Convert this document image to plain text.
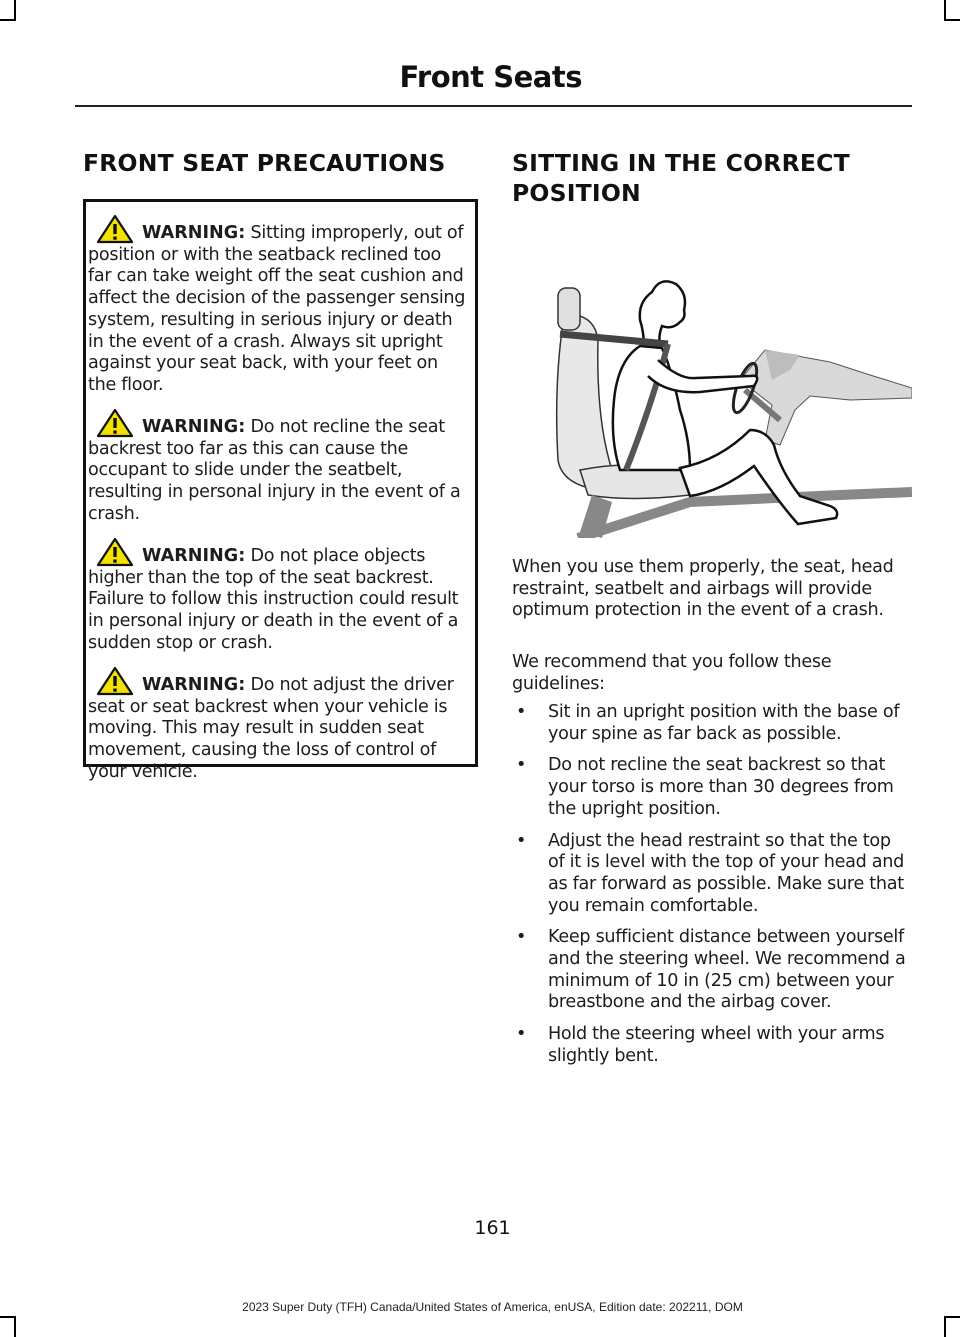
Front Seats
FRONT SEAT PRECAUTIONS

WARNING: Sitting improperly, out of position or with the seatback reclined too far can take weight off the seat cushion and affect the decision of the passenger sensing system, resulting in serious injury or death in the event of a crash. Always sit upright against your seat back, with your feet on the floor.

WARNING: Do not recline the seat backrest too far as this can cause the occupant to slide under the seatbelt, resulting in personal injury in the event of a crash.

WARNING: Do not place objects higher than the top of the seat backrest. Failure to follow this instruction could result in personal injury or death in the event of a sudden stop or crash.

WARNING: Do not adjust the driver seat or seat backrest when your vehicle is moving. This may result in sudden seat movement, causing the loss of control of your vehicle.

SITTING IN THE CORRECT
POSITION

When you use them properly, the seat, head restraint, seatbelt and airbags will provide optimum protection in the event of a crash.

We recommend that you follow these guidelines:

• Sit in an upright position with the base of your spine as far back as possible.
• Do not recline the seat backrest so that your torso is more than 30 degrees from the upright position.
• Adjust the head restraint so that the top of it is level with the top of your head and as far forward as possible. Make sure that you remain comfortable.
• Keep sufficient distance between yourself and the steering wheel. We recommend a minimum of 10 in (25 cm) between your breastbone and the airbag cover.
• Hold the steering wheel with your arms slightly bent.
161
2023 Super Duty (TFH) Canada/United States of America, enUSA, Edition date: 202211, DOM
